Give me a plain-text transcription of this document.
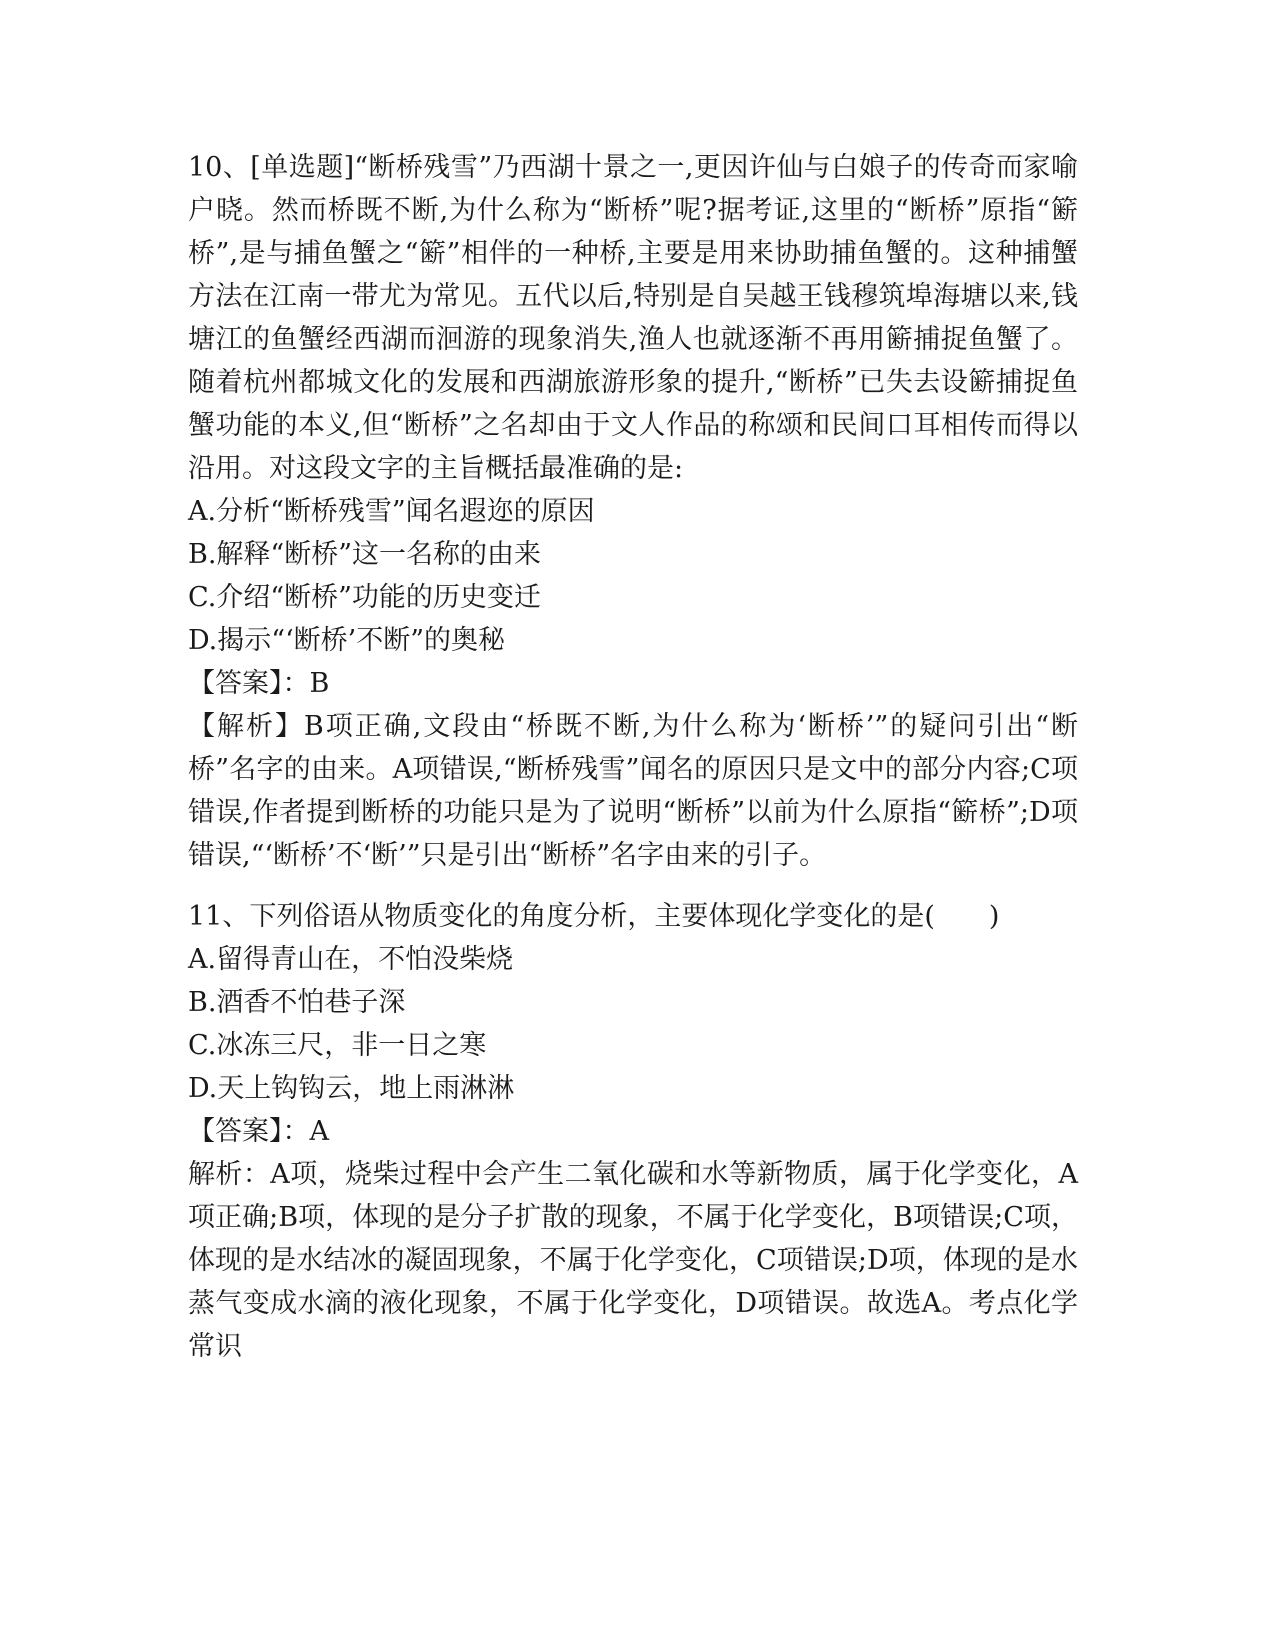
10、[单选题]“断桥残雪”乃西湖十景之一,更因许仙与白娘子的传奇而家喻户晓。然而桥既不断,为什么称为“断桥”呢?据考证,这里的“断桥”原指“簖桥”,是与捕鱼蟹之“簖”相伴的一种桥,主要是用来协助捕鱼蟹的。这种捕蟹方法在江南一带尤为常见。五代以后,特别是自吴越王钱穆筑埠海塘以来,钱塘江的鱼蟹经西湖而洄游的现象消失,渔人也就逐渐不再用簖捕捉鱼蟹了。随着杭州都城文化的发展和西湖旅游形象的提升,“断桥”已失去设簖捕捉鱼蟹功能的本义,但“断桥”之名却由于文人作品的称颂和民间口耳相传而得以沿用。对这段文字的主旨概括最准确的是:

A.分析“断桥残雪”闻名遐迩的原因

B.解释“断桥”这一名称的由来

C.介绍“断桥”功能的历史变迁

D.揭示“‘断桥’不断”的奥秘

【答案】：B

【解析】B项正确,文段由“桥既不断,为什么称为‘断桥’”的疑问引出“断桥”名字的由来。A项错误,“断桥残雪”闻名的原因只是文中的部分内容;C项错误,作者提到断桥的功能只是为了说明“断桥”以前为什么原指“簖桥”;D项错误,“‘断桥’不‘断’”只是引出“断桥”名字由来的引子。

11、下列俗语从物质变化的角度分析，主要体现化学变化的是(　　)

A.留得青山在，不怕没柴烧

B.酒香不怕巷子深

C.冰冻三尺，非一日之寒

D.天上钩钩云，地上雨淋淋

【答案】：A

解析：A项，烧柴过程中会产生二氧化碳和水等新物质，属于化学变化，A项正确;B项，体现的是分子扩散的现象，不属于化学变化，B项错误;C项，体现的是水结冰的凝固现象，不属于化学变化，C项错误;D项，体现的是水蒸气变成水滴的液化现象，不属于化学变化，D项错误。故选A。考点化学常识
